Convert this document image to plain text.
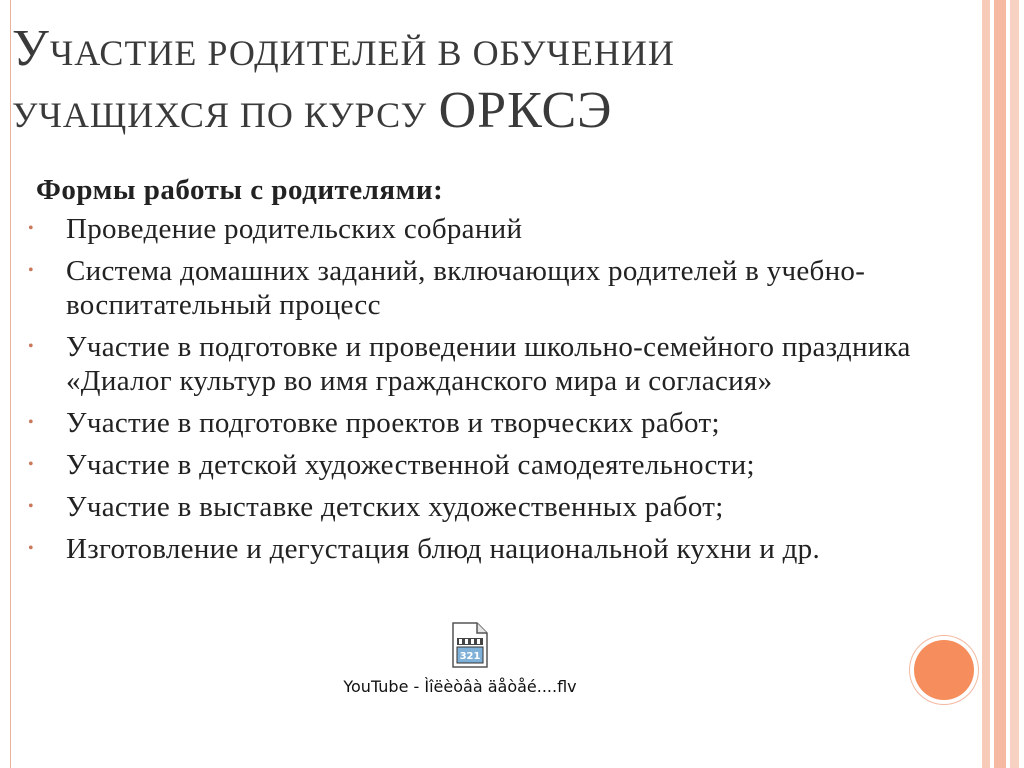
УЧАСТИЕ РОДИТЕЛЕЙ В ОБУЧЕНИИ
УЧАЩИХСЯ ПО КУРСУ ОРКСЭ
Формы работы с родителями:
• Проведение родительских собраний
• Система домашних заданий, включающих родителей в учебно-воспитательный процесс
• Участие в подготовке и проведении школьно-семейного праздника «Диалог культур во имя гражданского мира и согласия»
• Участие в подготовке проектов и творческих работ;
• Участие в детской художественной самодеятельности;
• Участие в выставке детских художественных работ;
• Изготовление и дегустация блюд национальной кухни и др.
321
YouTube - Ìîëèòâà äåòåé....flv
